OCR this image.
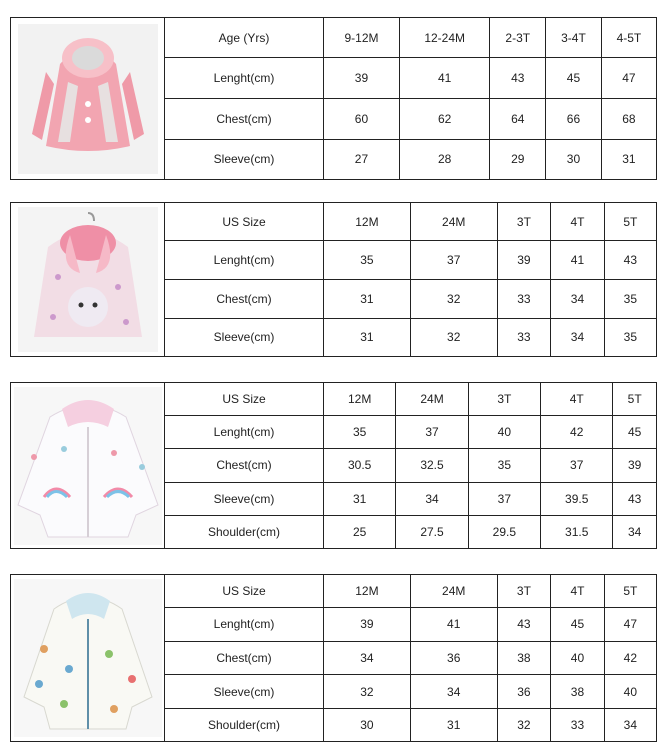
Age (Yrs)	9-12M	12-24M	2-3T	3-4T	4-5T
Lenght(cm)	39	41	43	45	47
Chest(cm)	60	62	64	66	68
Sleeve(cm)	27	28	29	30	31
US Size	12M	24M	3T	4T	5T
Lenght(cm)	35	37	39	41	43
Chest(cm)	31	32	33	34	35
Sleeve(cm)	31	32	33	34	35
US Size	12M	24M	3T	4T	5T
Lenght(cm)	35	37	40	42	45
Chest(cm)	30.5	32.5	35	37	39
Sleeve(cm)	31	34	37	39.5	43
Shoulder(cm)	25	27.5	29.5	31.5	34
US Size	12M	24M	3T	4T	5T
Lenght(cm)	39	41	43	45	47
Chest(cm)	34	36	38	40	42
Sleeve(cm)	32	34	36	38	40
Shoulder(cm)	30	31	32	33	34
